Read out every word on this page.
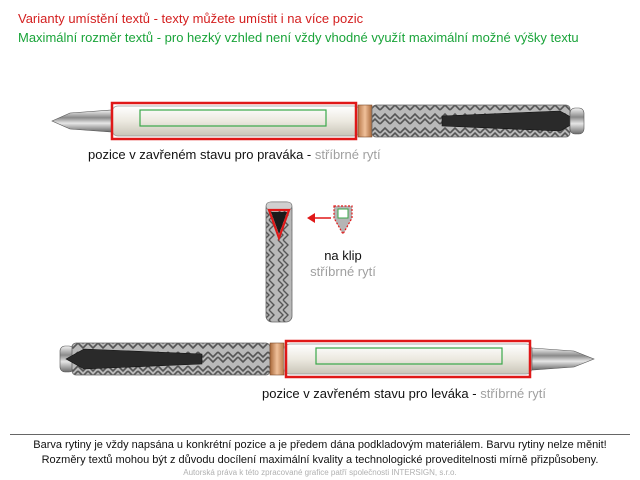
Varianty umístění textů - texty můžete umístit i na více pozic
Maximální rozměr textů - pro hezký vzhled není vždy vhodné využít maximální možné výšky textu
pozice v zavřeném stavu pro praváka - stříbrné rytí
na klip
stříbrné rytí
pozice v zavřeném stavu pro leváka - stříbrné rytí
Barva rytiny je vždy napsána u konkrétní pozice a je předem dána podkladovým materiálem. Barvu rytiny nelze měnit!
Rozměry textů mohou být z důvodu docílení maximální kvality a technologické proveditelnosti mírně přizpůsobeny.
Autorská práva k této zpracované grafice patří společnosti INTERSIGN, s.r.o.
